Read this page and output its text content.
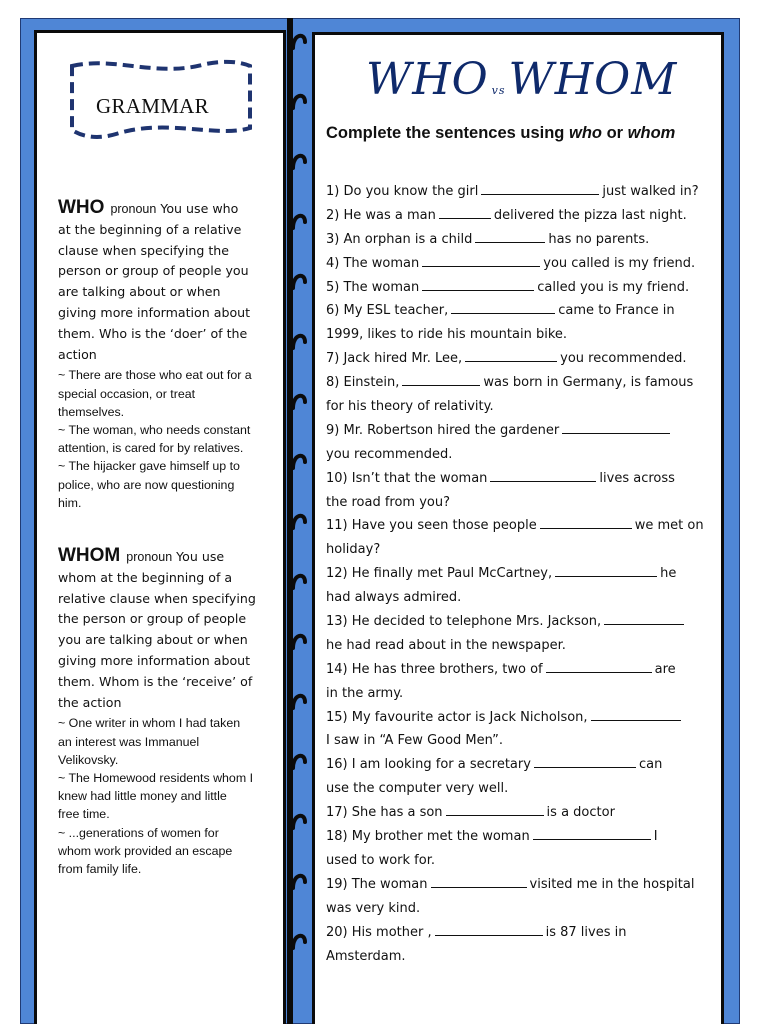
GRAMMAR
WHO pronoun You use who
at the beginning of a relative
clause when specifying the
person or group of people you
are talking about or when
giving more information about
them. Who is the ‘doer’ of the
action
~ There are those who eat out for a
special occasion, or treat
themselves.
~ The woman, who needs constant
attention, is cared for by relatives.
~ The hijacker gave himself up to
police, who are now questioning
him.
WHOM pronoun You use
whom at the beginning of a
relative clause when specifying
the person or group of people
you are talking about or when
giving more information about
them. Whom is the ‘receive’ of
the action
~ One writer in whom I had taken
an interest was Immanuel
Velikovsky.
~ The Homewood residents whom I
knew had little money and little
free time.
~ ...generations of women for
whom work provided an escape
from family life.
WHO vsWHOM
Complete the sentences using who or whom
1) Do you know the girl	just walked in?
2) He was a man	delivered the pizza last night.
3) An orphan is a child	has no parents.
4) The woman	you called is my friend.
5) The woman	called you is my friend.
6) My ESL teacher,	came to France in
1999, likes to ride his mountain bike.
7) Jack hired Mr. Lee,	you recommended.
8) Einstein,	was born in Germany, is famous
for his theory of relativity.
9) Mr. Robertson hired the gardener
you recommended.
10) Isn’t that the woman	lives across
the road from you?
11) Have you seen those people	we met on
holiday?
12) He finally met Paul McCartney,	he
had always admired.
13) He decided to telephone Mrs. Jackson,
he had read about in the newspaper.
14) He has three brothers, two of	are
in the army.
15) My favourite actor is Jack Nicholson,
I saw in “A Few Good Men”.
16) I am looking for a secretary	can
use the computer very well.
17) She has a son	is a doctor
18) My brother met the woman	I
used to work for.
19) The woman	visited me in the hospital
was very kind.
20) His mother ,	is 87 lives in
Amsterdam.
